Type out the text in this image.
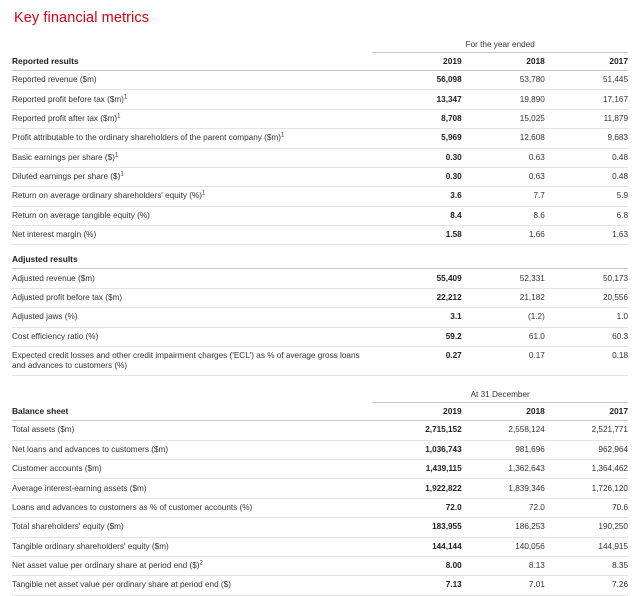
Key financial metrics
	For the year ended		
Reported results	2019	2018	2017
Reported revenue ($m)	56,098	53,780	51,445
Reported profit before tax ($m)$^1$	13,347	19,890	17,167
Reported profit after tax ($m)$^1$	8,708	15,025	11,879
Profit attributable to the ordinary shareholders of the parent company ($m)$^1$	5,969	12,608	9,683
Basic earnings per share ($)$^1$	0.30	0.63	0.48
Diluted earnings per share ($)$^1$	0.30	0.63	0.48
Return on average ordinary shareholders' equity (%)$^1$	3.6	7.7	5.9
Return on average tangible equity (%)	8.4	8.6	6.8
Net interest margin (%)	1.58	1.66	1.63
Adjusted results			
Adjusted revenue ($m)	55,409	52,331	50,173
Adjusted profit before tax ($m)	22,212	21,182	20,556
Adjusted jaws (%)	3.1	(1.2)	1.0
Cost efficiency ratio (%)	59.2	61.0	60.3
Expected credit losses and other credit impairment charges ('ECL') as % of average gross loans and advances to customers (%)	0.27	0.17	0.18
	At 31 December		
Balance sheet	2019	2018	2017
Total assets ($m)	2,715,152	2,558,124	2,521,771
Net loans and advances to customers ($m)	1,036,743	981,696	962,964
Customer accounts ($m)	1,439,115	1,362,643	1,364,462
Average interest-earning assets ($m)	1,922,822	1,839,346	1,726,120
Loans and advances to customers as % of customer accounts (%)	72.0	72.0	70.6
Total shareholders' equity ($m)	183,955	186,253	190,250
Tangible ordinary shareholders' equity ($m)	144,144	140,056	144,915
Net asset value per ordinary share at period end ($)$^2$	8.00	8.13	8.35
Tangible net asset value per ordinary share at period end ($)	7.13	7.01	7.26
